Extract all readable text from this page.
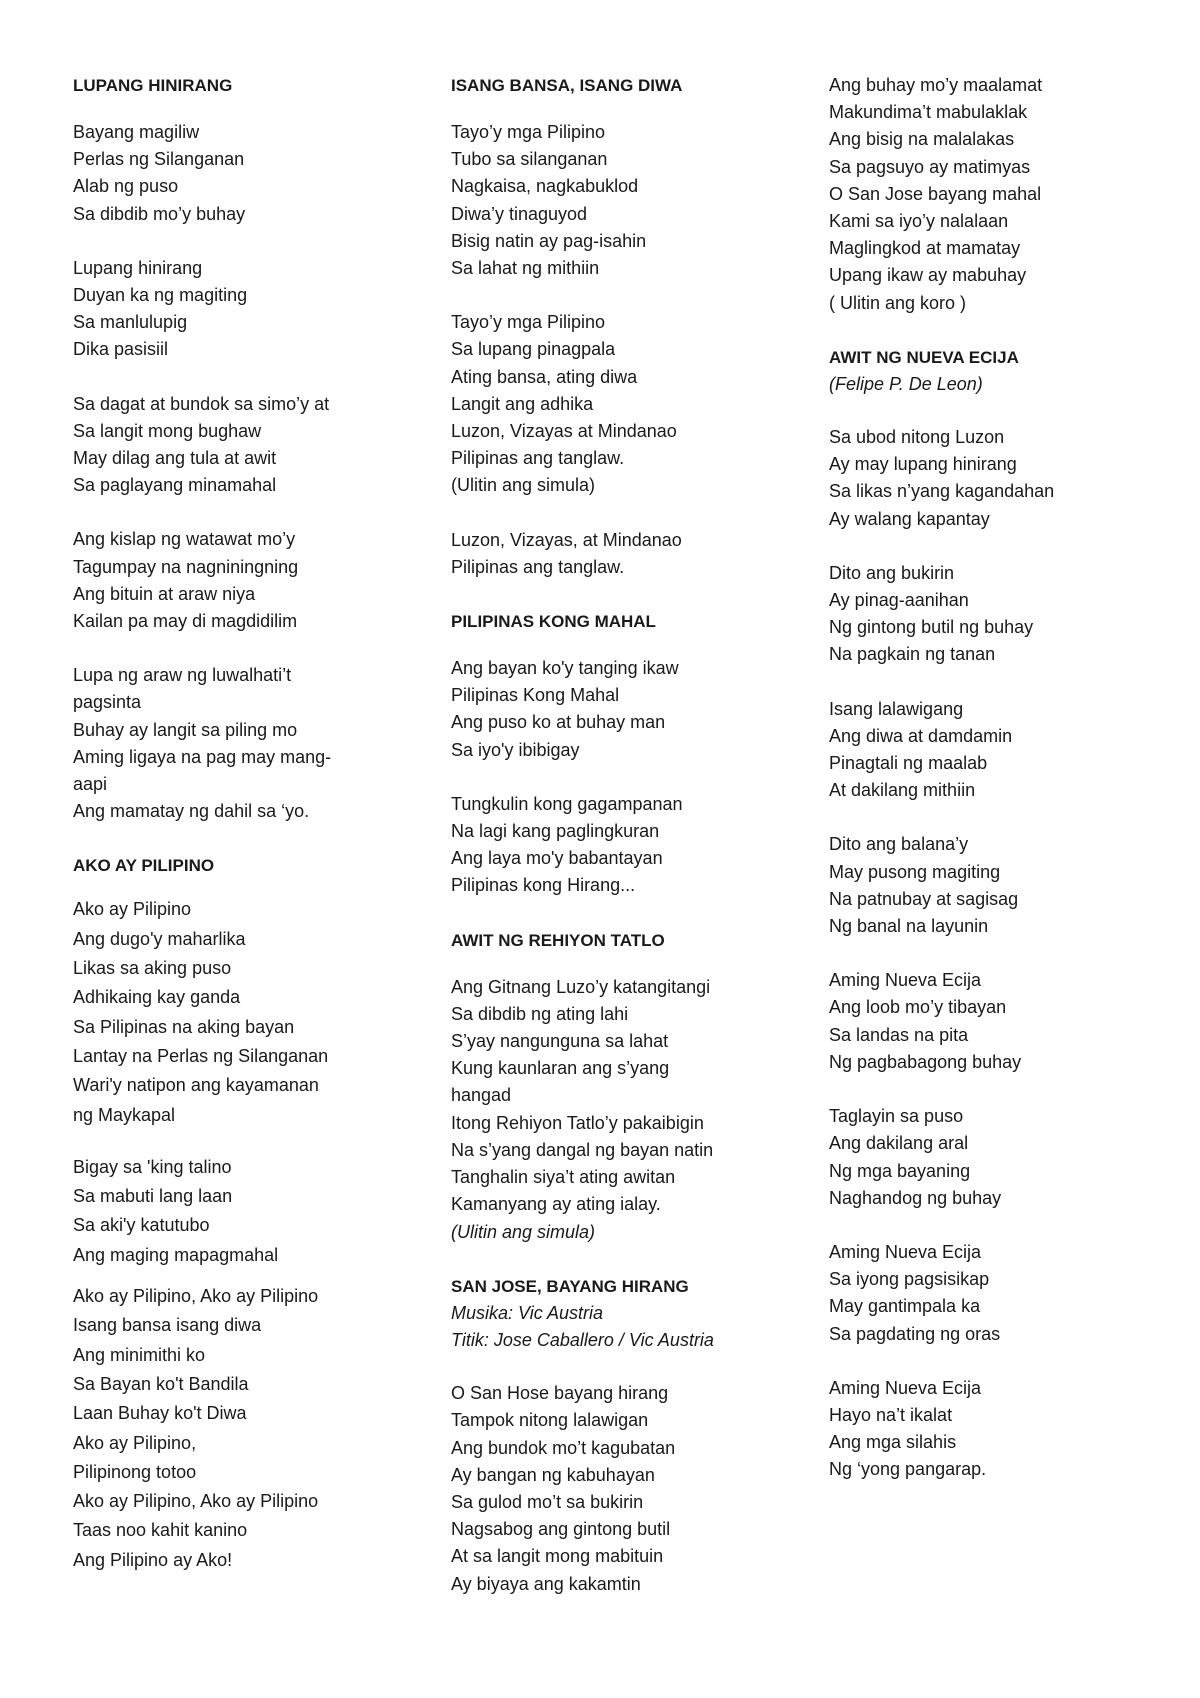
LUPANG HINIRANG
Bayang magiliw
Perlas ng Silanganan
Alab ng puso
Sa dibdib mo’y buhay
Lupang hinirang
Duyan ka ng magiting
Sa manlulupig
Dika pasisiil
Sa dagat at bundok sa simo’y at
Sa langit mong bughaw
May dilag ang tula at awit
Sa paglayang minamahal
Ang kislap ng watawat mo’y
Tagumpay na nagniningning
Ang bituin at araw niya
Kailan pa may di magdidilim
Lupa ng araw ng luwalhati’t
pagsinta
Buhay ay langit sa piling mo
Aming ligaya na pag may mang-
aapi
Ang mamatay ng dahil sa ‘yo.
AKO AY PILIPINO
Ako ay Pilipino
Ang dugo'y maharlika
Likas sa aking puso
Adhikaing kay ganda
Sa Pilipinas na aking bayan
Lantay na Perlas ng Silanganan
Wari'y natipon ang kayamanan
ng Maykapal
Bigay sa 'king talino
Sa mabuti lang laan
Sa aki'y katutubo
Ang maging mapagmahal
Ako ay Pilipino, Ako ay Pilipino
Isang bansa isang diwa
Ang minimithi ko
Sa Bayan ko't Bandila
Laan Buhay ko't Diwa
Ako ay Pilipino,
Pilipinong totoo
Ako ay Pilipino, Ako ay Pilipino
Taas noo kahit kanino
Ang Pilipino ay Ako!
ISANG BANSA, ISANG DIWA
Tayo’y mga Pilipino
Tubo sa silanganan
Nagkaisa, nagkabuklod
Diwa’y tinaguyod
Bisig natin ay pag-isahin
Sa lahat ng mithiin
Tayo’y mga Pilipino
Sa lupang pinagpala
Ating bansa, ating diwa
Langit ang adhika
Luzon, Vizayas at Mindanao
Pilipinas ang tanglaw.
(Ulitin ang simula)
Luzon, Vizayas, at Mindanao
Pilipinas ang tanglaw.
PILIPINAS KONG MAHAL
Ang bayan ko'y tanging ikaw
Pilipinas Kong Mahal
Ang puso ko at buhay man
Sa iyo'y ibibigay
Tungkulin kong gagampanan
Na lagi kang paglingkuran
Ang laya mo'y babantayan
Pilipinas kong Hirang...
AWIT NG REHIYON TATLO
Ang Gitnang Luzo’y katangitangi
Sa dibdib ng ating lahi
S’yay nangunguna sa lahat
Kung kaunlaran ang s’yang
hangad
Itong Rehiyon Tatlo’y pakaibigin
Na s’yang dangal ng bayan natin
Tanghalin siya’t ating awitan
Kamanyang ay ating ialay.
(Ulitin ang simula)
SAN JOSE, BAYANG HIRANG
Musika: Vic Austria
Titik: Jose Caballero / Vic Austria
O San Hose bayang hirang
Tampok nitong lalawigan
Ang bundok mo’t kagubatan
Ay bangan ng kabuhayan
Sa gulod mo’t sa bukirin
Nagsabog ang gintong butil
At sa langit mong mabituin
Ay biyaya ang kakamtin
Ang buhay mo’y maalamat
Makundima’t mabulaklak
Ang bisig na malalakas
Sa pagsuyo ay matimyas
O San Jose bayang mahal
Kami sa iyo’y nalalaan
Maglingkod at mamatay
Upang ikaw ay mabuhay
( Ulitin ang koro )
AWIT NG NUEVA ECIJA
(Felipe P. De Leon)
Sa ubod nitong Luzon
Ay may lupang hinirang
Sa likas n’yang kagandahan
Ay walang kapantay
Dito ang bukirin
Ay pinag-aanihan
Ng gintong butil ng buhay
Na pagkain ng tanan
Isang lalawigang
Ang diwa at damdamin
Pinagtali ng maalab
At dakilang mithiin
Dito ang balana’y
May pusong magiting
Na patnubay at sagisag
Ng banal na layunin
Aming Nueva Ecija
Ang loob mo’y tibayan
Sa landas na pita
Ng pagbabagong buhay
Taglayin sa puso
Ang dakilang aral
Ng mga bayaning
Naghandog ng buhay
Aming Nueva Ecija
Sa iyong pagsisikap
May gantimpala ka
Sa pagdating ng oras
Aming Nueva Ecija
Hayo na’t ikalat
Ang mga silahis
Ng ‘yong pangarap.
